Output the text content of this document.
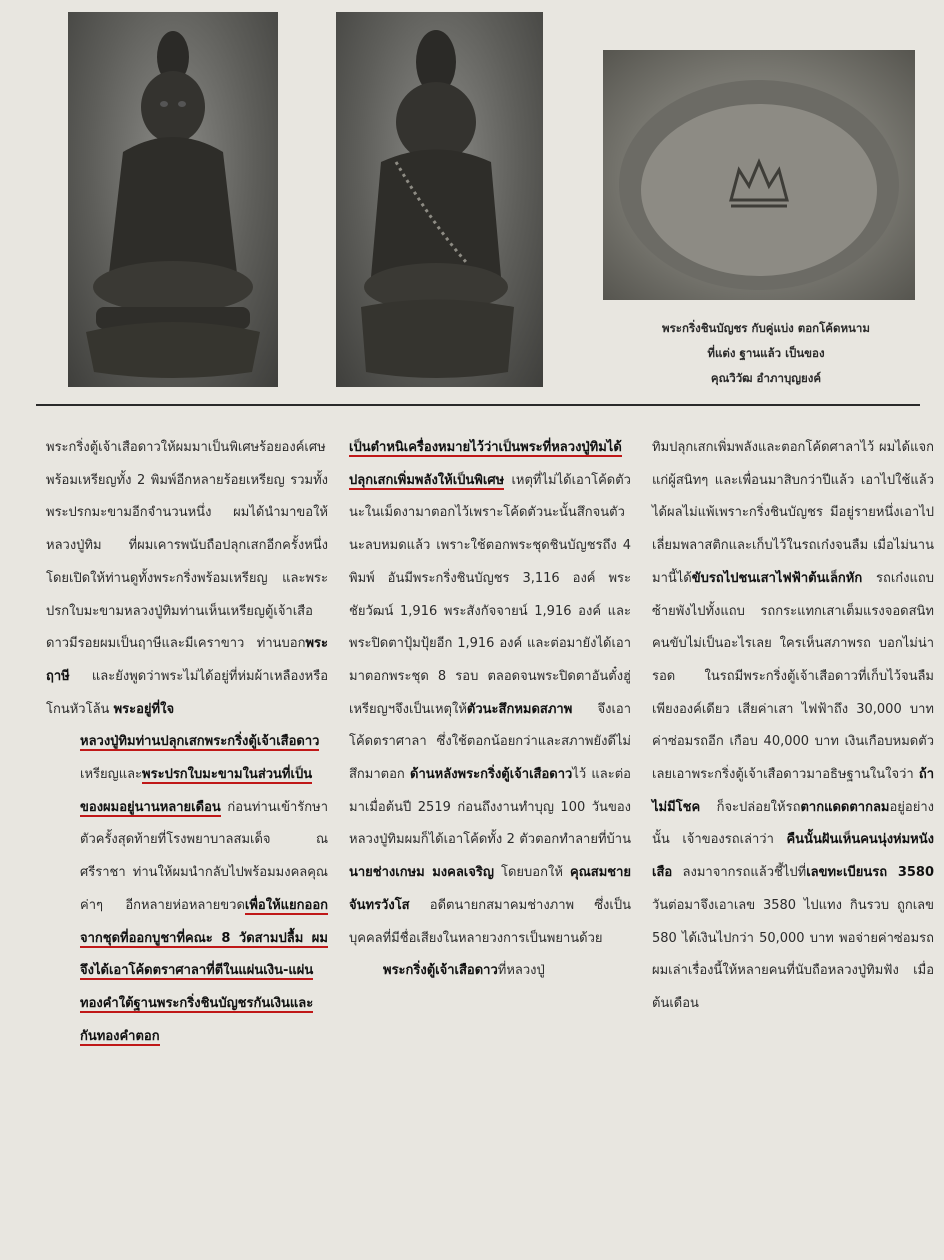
พระกริ่งชินบัญชร กับคู่แบ่ง ตอกโค้ดหนาม
ที่แต่ง ฐานแล้ว เป็นของ
คุณวิวัฒ อำภาบุญยงค์

พระกริ่งตู้เจ้าเสือดาวให้ผมมาเป็นพิเศษร้อยองค์เศษ พร้อมเหรียญทั้ง 2 พิมพ์อีกหลายร้อยเหรียญ รวมทั้งพระปรกมะขามอีกจำนวนหนึ่ง ผมได้นำมาขอให้หลวงปู่ทิม ที่ผมเคารพนับถือปลุกเสกอีกครั้งหนึ่ง โดยเปิดให้ท่านดูทั้งพระกริ่งพร้อมเหรียญ และพระปรกใบมะขามหลวงปู่ทิมท่านเห็นเหรียญตู้เจ้าเสือดาวมีรอยผมเป็นฤาษีและมีเคราขาว ท่านบอกพระฤาษี และยังพูดว่าพระไม่ได้อยู่ที่ห่มผ้าเหลืองหรือโกนหัวโล้น พระอยู่ที่ใจ

หลวงปู่ทิมท่านปลุกเสกพระกริ่งตู้เจ้าเสือดาว เหรียญและพระปรกใบมะขามในส่วนที่เป็นของผมอยู่นานหลายเดือน ก่อนท่านเข้ารักษาตัวครั้งสุดท้ายที่โรงพยาบาลสมเด็จ ณ ศรีราชา ท่านให้ผมนำกลับไปพร้อมมงคลคุณค่าๆ อีกหลายห่อหลายขวดเพื่อให้แยกออกจากชุดที่ออกบูชาที่คณะ 8 วัดสามปลื้ม ผมจึงได้เอาโค้ดตราศาลาที่ตีในแผ่นเงิน-แผ่นทองคำใต้ฐานพระกริ่งชินบัญชรกันเงินและกันทองคำตอก

เป็นตำหนิเครื่องหมายไว้ว่าเป็นพระที่หลวงปู่ทิมได้ปลุกเสกเพิ่มพลังให้เป็นพิเศษ เหตุที่ไม่ได้เอาโค้ดตัวนะในเม็ดงามาตอกไว้เพราะโค้ดตัวนะนั้นสึกจนตัวนะลบหมดแล้ว เพราะใช้ตอกพระชุดชินบัญชรถึง 4 พิมพ์ อันมีพระกริ่งชินบัญชร 3,116 องค์ พระชัยวัฒน์ 1,916 พระสังกัจจายน์ 1,916 องค์ และพระปิดตาปุ้มปุ้ยอีก 1,916 องค์ และต่อมายังได้เอามาตอกพระชุด 8 รอบ ตลอดจนพระปิดตาอันตั๋งฮู่ เหรียญฯจึงเป็นเหตุให้ตัวนะสึกหมดสภาพ จึงเอาโค้ดตราศาลา ซึ่งใช้ตอกน้อยกว่าและสภาพยังดีไม่สึกมาตอก ด้านหลังพระกริ่งตู้เจ้าเสือดาวไว้ และต่อมาเมื่อต้นปี 2519 ก่อนถึงงานทำบุญ 100 วันของหลวงปู่ทิมผมก็ได้เอาโค้ดทั้ง 2 ตัวตอกทำลายที่บ้าน นายช่างเกษม มงคลเจริญ โดยบอกให้ คุณสมชาย จันทรวังโส อดีตนายกสมาคมช่างภาพ ซึ่งเป็นบุคคลที่มีชื่อเสียงในหลายวงการเป็นพยานด้วย

พระกริ่งตู้เจ้าเสือดาวที่หลวงปู่

ทิมปลุกเสกเพิ่มพลังและตอกโค้ดศาลาไว้ ผมได้แจกแก่ผู้สนิทๆ และเพื่อนมาสิบกว่าปีแล้ว เอาไปใช้แล้วได้ผลไม่แพ้เพราะกริ่งชินบัญชร มีอยู่รายหนึ่งเอาไปเลี่ยมพลาสติกและเก็บไว้ในรถเก๋งจนลืม เมื่อไม่นานมานี้ได้ขับรถไปชนเสาไฟฟ้าต้นเล็กหัก รถเก๋งแถบซ้ายพังไปทั้งแถบ รถกระแทกเสาเต็มแรงจอดสนิท คนขับไม่เป็นอะไรเลย ใครเห็นสภาพรถ บอกไม่น่ารอด ในรถมีพระกริ่งตู้เจ้าเสือดาวที่เก็บไว้จนลืมเพียงองค์เดียว เสียค่าเสา ไฟฟ้าถึง 30,000 บาท ค่าซ่อมรถอีก เกือบ 40,000 บาท เงินเกือบหมดตัวเลยเอาพระกริ่งตู้เจ้าเสือดาวมาอธิษฐานในใจว่า ถ้าไม่มีโชค ก็จะปล่อยให้รถตากแดดตากลมอยู่อย่างนั้น เจ้าของรถเล่าว่า คืนนั้นฝันเห็นคนนุ่งห่มหนังเสือ ลงมาจากรถแล้วชี้ไปที่เลขทะเบียนรถ 3580 วันต่อมาจึงเอาเลข 3580 ไปแทง กินรวบ ถูกเลข 580 ได้เงินไปกว่า 50,000 บาท พอจ่ายค่าซ่อมรถ ผมเล่าเรื่องนี้ให้หลายคนที่นับถือหลวงปู่ทิมฟัง เมื่อต้นเดือน
